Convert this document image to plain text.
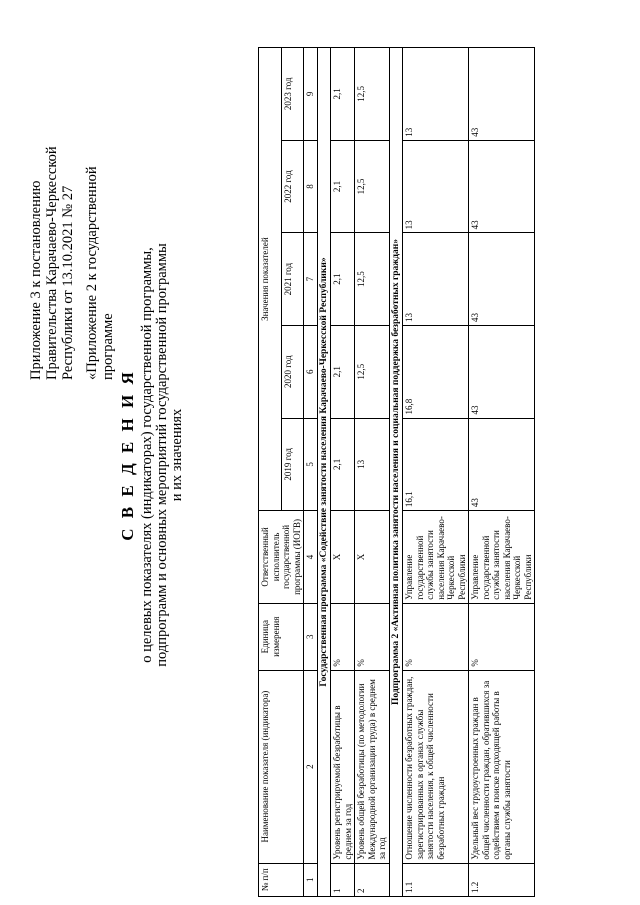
Приложение 3 к постановлению Правительства Карачаево-Черкесской Республики от 13.10.2021 № 27 «Приложение 2 к государственной программе
С В Е Д Е Н И Я о целевых показателях (индикаторах) государственной программы, подпрограмм и основных мероприятий государственной программы и их значениях
№ п/п	Наименование показателя (индикатора)	Единица измерения	Ответственный исполнитель государственной программы (ИОГВ)	Значения показателей				
				2019 год	2020 год	2021 год	2022 год	2023 год
1	2	3	4	5	6	7	8	9
Государственная программа «Содействие занятости населения Карачаево-Черкесской Республики»								
1	Уровень регистрируемой безработицы в среднем за год	%	Х	2,1	2,1	2,1	2,1	2,1
2	Уровень общей безработицы (по методологии Международной организации труда) в среднем за год	%	Х	13	12,5	12,5	12,5	12,5
Подпрограмма 2 «Активная политика занятости населения и социальная поддержка безработных граждан»								
1.1	Отношение численности безработных граждан, зарегистрированных в органах службы занятости населения, к общей численности безработных граждан	%	Управление государственной службы занятости населения Карачаево-Черкесской Республики	16,1	16,8	13	13	13
1.2	Удельный вес трудоустроенных граждан в общей численности граждан, обратившихся за содействием в поиске подходящей работы в органы службы занятости	%	Управление государственной службы занятости населения Карачаево-Черкесской Республики	43	43	43	43	43
